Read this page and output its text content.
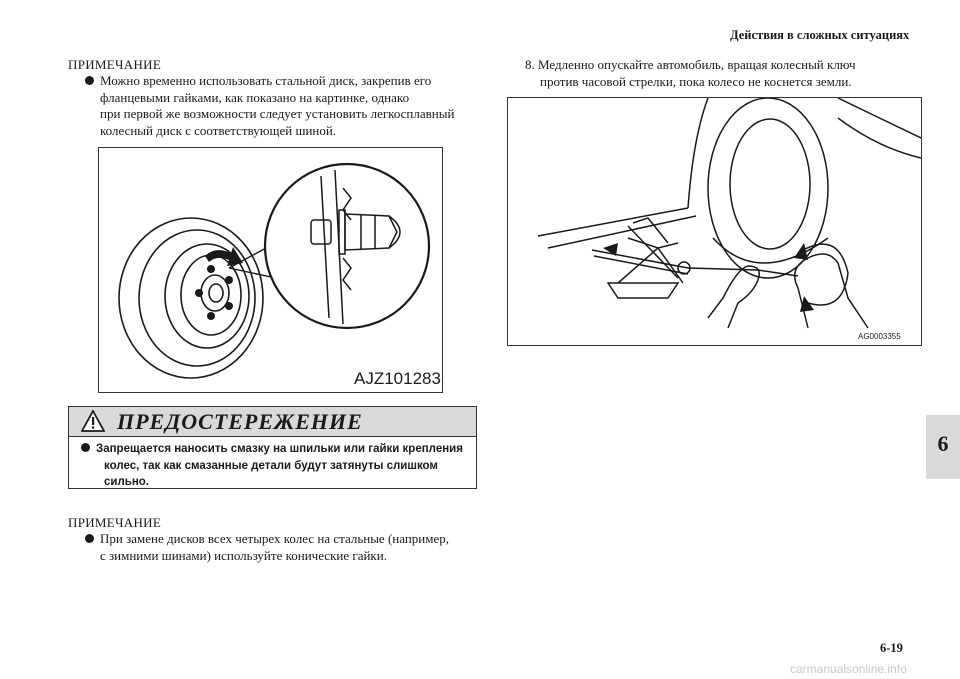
Действия в сложных ситуациях
ПРИМЕЧАНИЕ
Можно временно использовать стальной диск, закрепив его
фланцевыми гайками, как показано на картинке, однако
при первой же возможности следует установить легкосплавный
колесный диск с соответствующей шиной.
AJZ101283
ПРЕДОСТЕРЕЖЕНИЕ
Запрещается наносить смазку на шпильки или гайки крепления
колес, так как смазанные детали будут затянуты слишком
сильно.
ПРИМЕЧАНИЕ
При замене дисков всех четырех колес на стальные (например,
с зимними шинами) используйте конические гайки.
8. Медленно опускайте автомобиль, вращая колесный ключ
против часовой стрелки, пока колесо не коснется земли.
AG0003355
6
6-19
carmanualsonline.info
